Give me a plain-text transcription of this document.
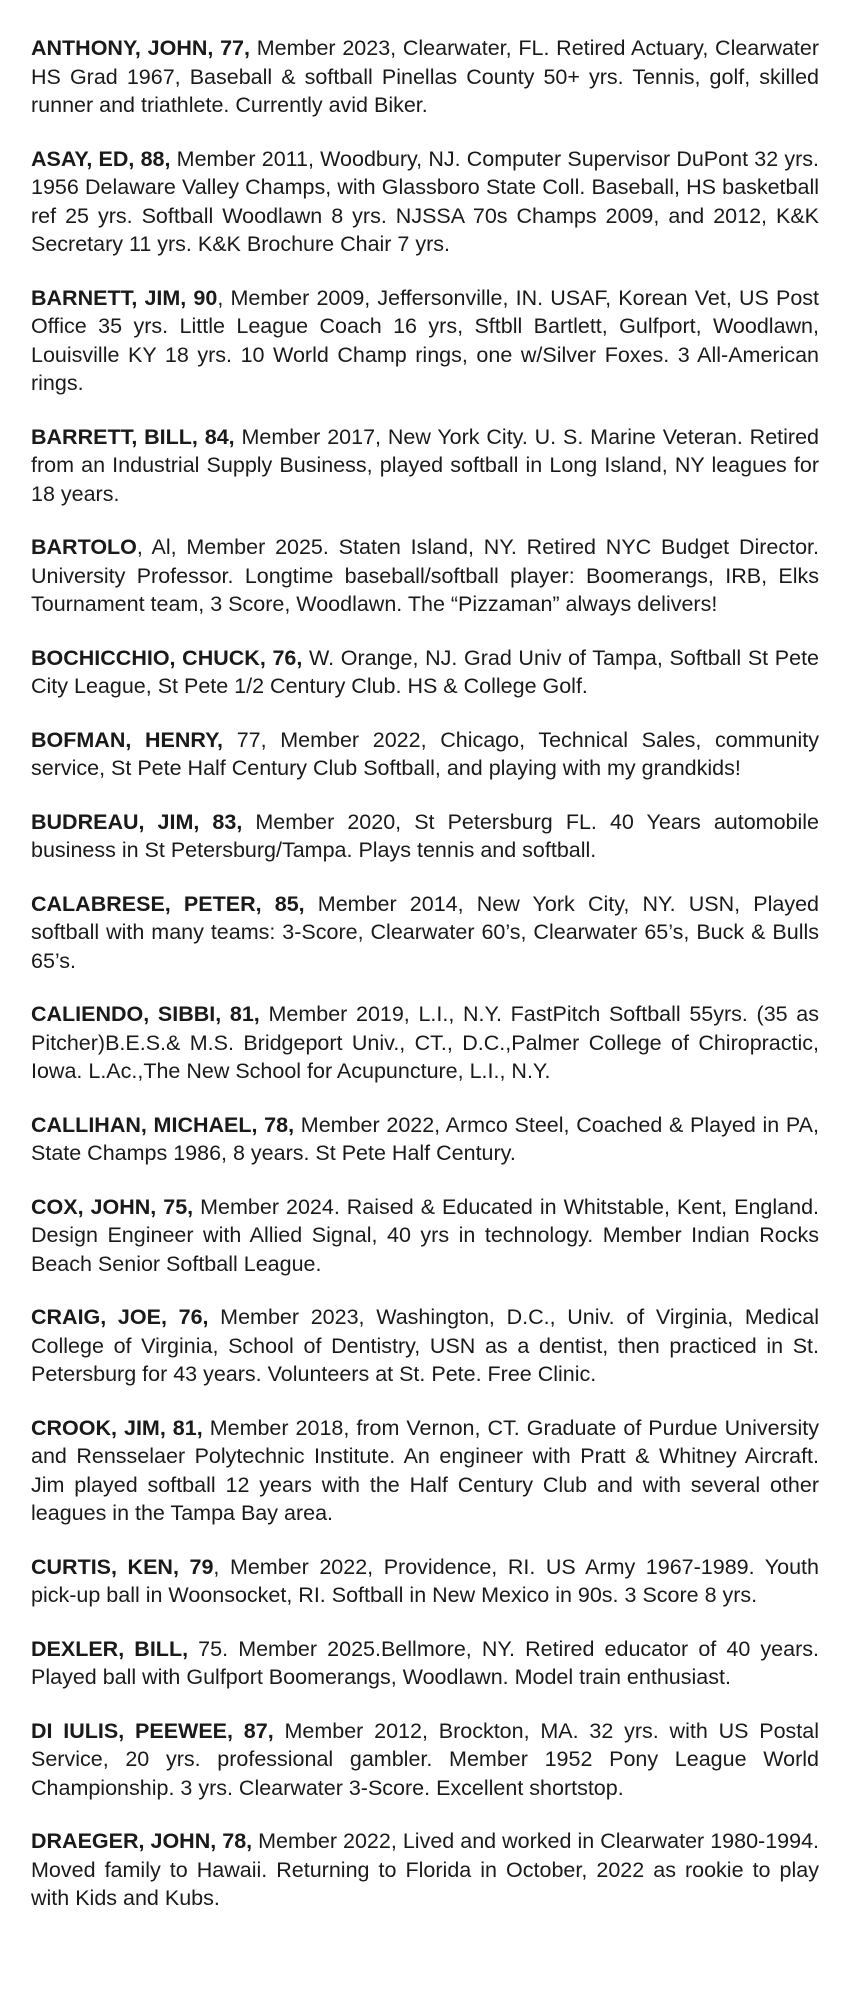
ANTHONY, JOHN, 77, Member 2023, Clearwater, FL. Retired Actuary, Clearwater HS Grad 1967, Baseball & softball Pinellas County 50+ yrs. Tennis, golf, skilled runner and triathlete. Currently avid Biker.

ASAY, ED, 88, Member 2011, Woodbury, NJ. Computer Supervisor DuPont 32 yrs. 1956 Delaware Valley Champs, with Glassboro State Coll. Baseball, HS basketball ref 25 yrs. Softball Woodlawn 8 yrs. NJSSA 70s Champs 2009, and 2012, K&K Secretary 11 yrs. K&K Brochure Chair 7 yrs.

BARNETT, JIM, 90, Member 2009, Jeffersonville, IN. USAF, Korean Vet, US Post Office 35 yrs. Little League Coach 16 yrs, Sftbll Bartlett, Gulfport, Woodlawn, Louisville KY 18 yrs. 10 World Champ rings, one w/Silver Foxes. 3 All-American rings.

BARRETT, BILL, 84, Member 2017, New York City. U. S. Marine Veteran. Retired from an Industrial Supply Business, played softball in Long Island, NY leagues for 18 years.

BARTOLO, Al, Member 2025. Staten Island, NY. Retired NYC Budget Director. University Professor. Longtime baseball/softball player: Boomerangs, IRB, Elks Tournament team, 3 Score, Woodlawn. The “Pizzaman” always delivers!

BOCHICCHIO, CHUCK, 76, W. Orange, NJ. Grad Univ of Tampa, Softball St Pete City League, St Pete 1/2 Century Club. HS & College Golf.

BOFMAN, HENRY, 77, Member 2022, Chicago, Technical Sales, community service, St Pete Half Century Club Softball, and playing with my grandkids!

BUDREAU, JIM, 83, Member 2020, St Petersburg FL. 40 Years automobile business in St Petersburg/Tampa. Plays tennis and softball.

CALABRESE, PETER, 85, Member 2014, New York City, NY. USN, Played softball with many teams: 3-Score, Clearwater 60’s, Clearwater 65’s, Buck & Bulls 65’s.

CALIENDO, SIBBI, 81, Member 2019, L.I., N.Y. FastPitch Softball 55yrs. (35 as Pitcher)B.E.S.& M.S. Bridgeport Univ., CT., D.C.,Palmer College of Chiropractic, Iowa. L.Ac.,The New School for Acupuncture, L.I., N.Y.

CALLIHAN, MICHAEL, 78, Member 2022, Armco Steel, Coached & Played in PA, State Champs 1986, 8 years. St Pete Half Century.

COX, JOHN, 75, Member 2024. Raised & Educated in Whitstable, Kent, England. Design Engineer with Allied Signal, 40 yrs in technology. Member Indian Rocks Beach Senior Softball League.

CRAIG, JOE, 76, Member 2023, Washington, D.C., Univ. of Virginia, Medical College of Virginia, School of Dentistry, USN as a dentist, then practiced in St. Petersburg for 43 years. Volunteers at St. Pete. Free Clinic.

CROOK, JIM, 81, Member 2018, from Vernon, CT. Graduate of Purdue University and Rensselaer Polytechnic Institute. An engineer with Pratt & Whitney Aircraft. Jim played softball 12 years with the Half Century Club and with several other leagues in the Tampa Bay area.

CURTIS, KEN, 79, Member 2022, Providence, RI. US Army 1967-1989. Youth pick-up ball in Woonsocket, RI. Softball in New Mexico in 90s. 3 Score 8 yrs.

DEXLER, BILL, 75. Member 2025.Bellmore, NY. Retired educator of 40 years. Played ball with Gulfport Boomerangs, Woodlawn. Model train enthusiast.

DI IULIS, PEEWEE, 87, Member 2012, Brockton, MA. 32 yrs. with US Postal Service, 20 yrs. professional gambler. Member 1952 Pony League World Championship. 3 yrs. Clearwater 3-Score. Excellent shortstop.

DRAEGER, JOHN, 78, Member 2022, Lived and worked in Clearwater 1980-1994. Moved family to Hawaii. Returning to Florida in October, 2022 as rookie to play with Kids and Kubs.
